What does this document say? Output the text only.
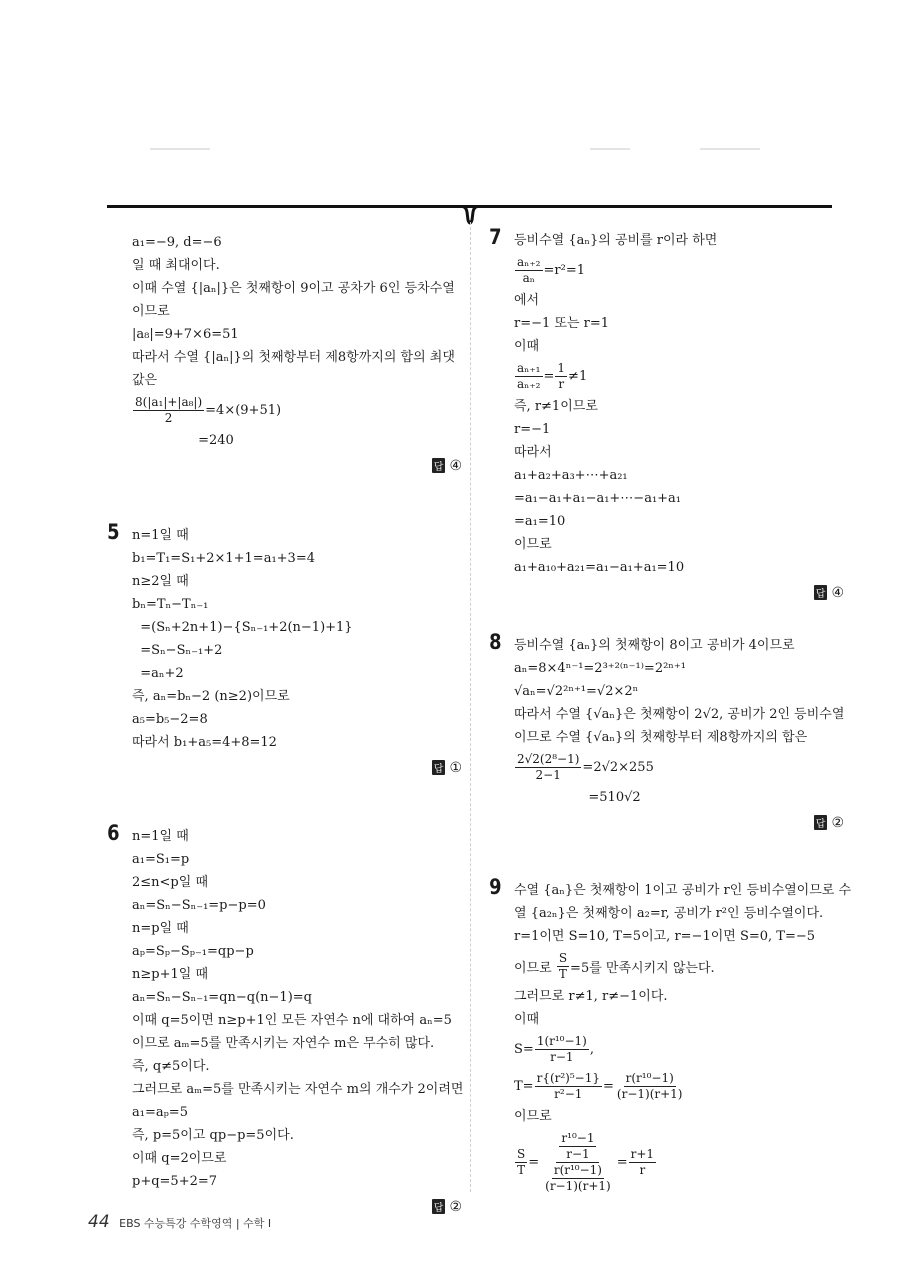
a₁=−9, d=−6
일 때 최대이다.
이때 수열 {|aₙ|}은 첫째항이 9이고 공차가 6인 등차수열
이므로
|a₈|=9+7×6=51
따라서 수열 {|aₙ|}의 첫째항부터 제8항까지의 합의 최댓
값은
$\frac{\text{8(|a₁|+|a₈|)}}{2} =4\times(9+51)$
=240
답 ④
5 n=1일 때
b₁=T₁=S₁+2×1+1=a₁+3=4
n≥2일 때
bₙ=Tₙ−Tₙ₋₁
=(Sₙ+2n+1)−{Sₙ₋₁+2(n−1)+1}
=Sₙ−Sₙ₋₁+2
=aₙ+2
즉, aₙ=bₙ−2 (n≥2)이므로
a₅=b₅−2=8
따라서 b₁+a₅=4+8=12
답 ①
6 n=1일 때
a₁=S₁=p
2≤n<p일 때
aₙ=Sₙ−Sₙ₋₁=p−p=0
n=p일 때
aₚ=Sₚ−Sₚ₋₁=qp−p
n≥p+1일 때
aₙ=Sₙ−Sₙ₋₁=qn−q(n−1)=q
이때 q=5이면 n≥p+1인 모든 자연수 n에 대하여 aₙ=5
이므로 aₘ=5를 만족시키는 자연수 m은 무수히 많다.
즉, q≠5이다.
그러므로 aₘ=5를 만족시키는 자연수 m의 개수가 2이려면
a₁=aₚ=5
즉, p=5이고 qp−p=5이다.
이때 q=2이므로
p+q=5+2=7
답 ②
7 등비수열 {aₙ}의 공비를 r이라 하면
$\frac{\text{aₙ₊₂}}{\text{aₙ}} =r^2=1$
에서
r=−1 또는 r=1
이때
$\frac{\text{aₙ₊₁}}{\text{aₙ₊₂}} = \frac{1}{r} \ne 1$
즉, r≠1이므로
r=−1
따라서
a₁+a₂+a₃+⋯+a₂₁
=a₁−a₁+a₁−a₁+⋯−a₁+a₁
=a₁=10
이므로
a₁+a₁₀+a₂₁=a₁−a₁+a₁=10
답 ④
8 등비수열 {aₙ}의 첫째항이 8이고 공비가 4이므로
aₙ=8×4ⁿ⁻¹=2³⁺²⁽ⁿ⁻¹⁾=2²ⁿ⁺¹
√aₙ=√2²ⁿ⁺¹=√2×2ⁿ
따라서 수열 {√aₙ}은 첫째항이 2√2, 공비가 2인 등비수열
이므로 수열 {√aₙ}의 첫째항부터 제8항까지의 합은
$\frac{\text{2√2(2⁸−1)}}{2-1} =2√2\times 255$
=510√2
답 ②
9 수열 {aₙ}은 첫째항이 1이고 공비가 r인 등비수열이므로 수
열 {a₂ₙ}은 첫째항이 a₂=r, 공비가 r²인 등비수열이다.
r=1이면 S=10, T=5이고, r=−1이면 S=0, T=−5
이므로 $\frac{S}{T} =5$를 만족시키지 않는다.
그러므로 r≠1, r≠−1이다.
이때
$S= \frac{\text{1(r¹⁰−1)}}{r-1}$ ,
$T= \frac{\text{r\{(r²)⁵−1\}}}{\text{r²−1}} = \frac{\text{r(r¹⁰−1)}}{(r-1)(r+1)}$
이므로
$\frac{S}{T} = \frac{\frac{\text{r¹⁰−1}}{r-1}}{\frac{\text{r(r¹⁰−1)}}{(r-1)(r+1)}} = \frac{r+1}{r}$
44 EBS 수능특강 수학영역 | 수학 Ⅰ
